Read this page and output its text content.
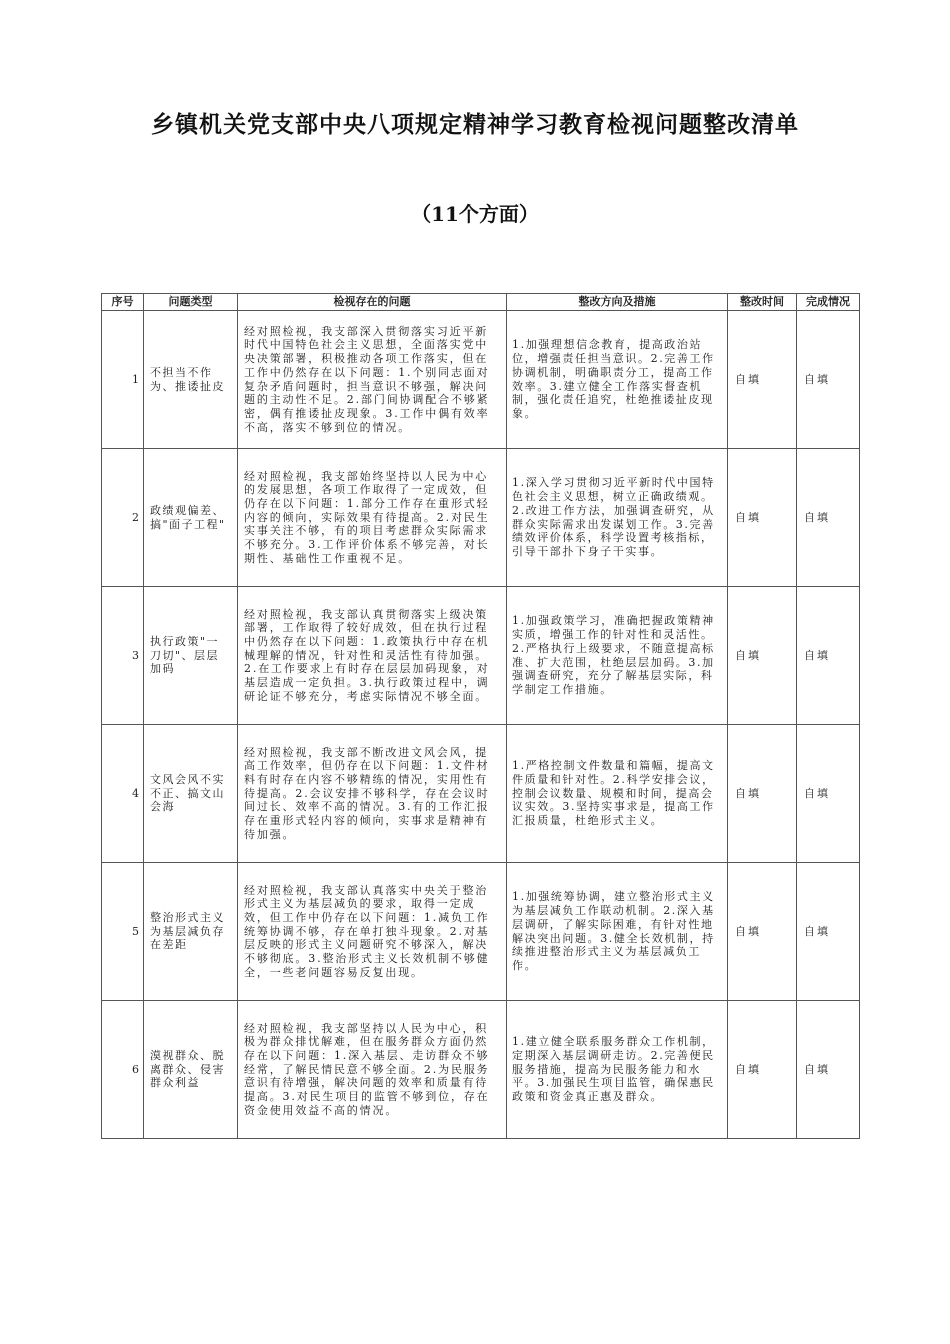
乡镇机关党支部中央八项规定精神学习教育检视问题整改清单
（11个方面）
序号	问题类型	检视存在的问题	整改方向及措施	整改时间	完成情况
1	不担当不作为、推诿扯皮	经对照检视，我支部深入贯彻落实习近平新时代中国特色社会主义思想，全面落实党中央决策部署，积极推动各项工作落实，但在工作中仍然存在以下问题：1.个别同志面对复杂矛盾问题时，担当意识不够强，解决问题的主动性不足。2.部门间协调配合不够紧密，偶有推诿扯皮现象。3.工作中偶有效率不高，落实不够到位的情况。	1.加强理想信念教育，提高政治站位，增强责任担当意识。2.完善工作协调机制，明确职责分工，提高工作效率。3.建立健全工作落实督查机制，强化责任追究，杜绝推诿扯皮现象。	自填	自填
2	政绩观偏差、搞"面子工程"	经对照检视，我支部始终坚持以人民为中心的发展思想，各项工作取得了一定成效，但仍存在以下问题：1.部分工作存在重形式轻内容的倾向，实际效果有待提高。2.对民生实事关注不够，有的项目考虑群众实际需求不够充分。3.工作评价体系不够完善，对长期性、基础性工作重视不足。	1.深入学习贯彻习近平新时代中国特色社会主义思想，树立正确政绩观。2.改进工作方法，加强调查研究，从群众实际需求出发谋划工作。3.完善绩效评价体系，科学设置考核指标，引导干部扑下身子干实事。	自填	自填
3	执行政策"一刀切"、层层加码	经对照检视，我支部认真贯彻落实上级决策部署，工作取得了较好成效，但在执行过程中仍然存在以下问题：1.政策执行中存在机械理解的情况，针对性和灵活性有待加强。2.在工作要求上有时存在层层加码现象，对基层造成一定负担。3.执行政策过程中，调研论证不够充分，考虑实际情况不够全面。	1.加强政策学习，准确把握政策精神实质，增强工作的针对性和灵活性。2.严格执行上级要求，不随意提高标准、扩大范围，杜绝层层加码。3.加强调查研究，充分了解基层实际，科学制定工作措施。	自填	自填
4	文风会风不实不正、搞文山会海	经对照检视，我支部不断改进文风会风，提高工作效率，但仍存在以下问题：1.文件材料有时存在内容不够精练的情况，实用性有待提高。2.会议安排不够科学，存在会议时间过长、效率不高的情况。3.有的工作汇报存在重形式轻内容的倾向，实事求是精神有待加强。	1.严格控制文件数量和篇幅，提高文件质量和针对性。2.科学安排会议，控制会议数量、规模和时间，提高会议实效。3.坚持实事求是，提高工作汇报质量，杜绝形式主义。	自填	自填
5	整治形式主义为基层减负存在差距	经对照检视，我支部认真落实中央关于整治形式主义为基层减负的要求，取得一定成效，但工作中仍存在以下问题：1.减负工作统筹协调不够，存在单打独斗现象。2.对基层反映的形式主义问题研究不够深入，解决不够彻底。3.整治形式主义长效机制不够健全，一些老问题容易反复出现。	1.加强统筹协调，建立整治形式主义为基层减负工作联动机制。2.深入基层调研，了解实际困难，有针对性地解决突出问题。3.健全长效机制，持续推进整治形式主义为基层减负工作。	自填	自填
6	漠视群众、脱离群众、侵害群众利益	经对照检视，我支部坚持以人民为中心，积极为群众排忧解难，但在服务群众方面仍然存在以下问题：1.深入基层、走访群众不够经常，了解民情民意不够全面。2.为民服务意识有待增强，解决问题的效率和质量有待提高。3.对民生项目的监管不够到位，存在资金使用效益不高的情况。	1.建立健全联系服务群众工作机制，定期深入基层调研走访。2.完善便民服务措施，提高为民服务能力和水平。3.加强民生项目监管，确保惠民政策和资金真正惠及群众。	自填	自填
